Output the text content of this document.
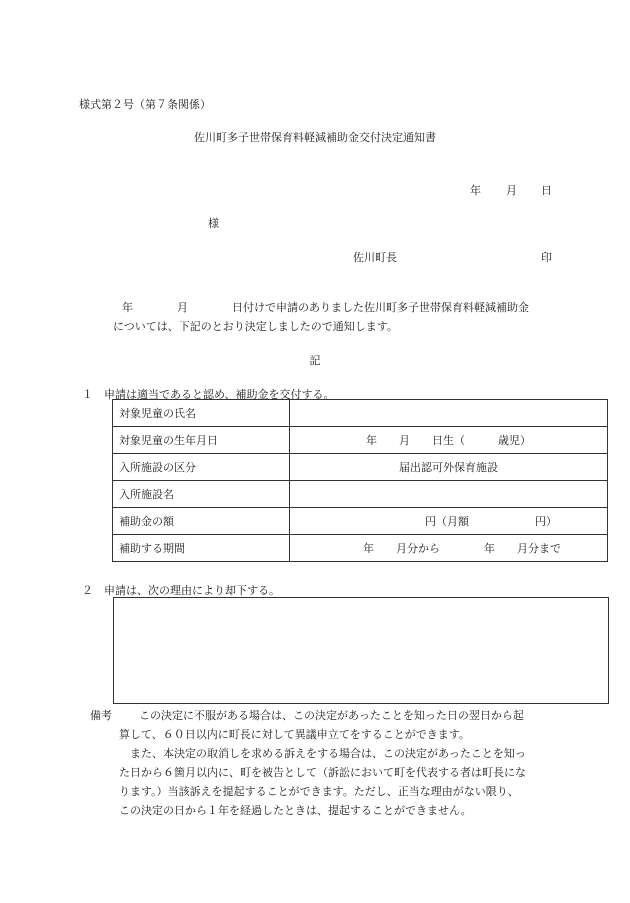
様式第２号（第７条関係）
佐川町多子世帯保育料軽減補助金交付決定通知書
年 月 日
様
佐川町長	印
年	月	日付けで申請のありました佐川町多子世帯保育料軽減補助金
については、下記のとおり決定しましたので通知します。
記
１　申請は適当であると認め、補助金を交付する。
対象児童の氏名	
対象児童の生年月日	年　　月　　日生（　　　歳児）
入所施設の区分	届出認可外保育施設
入所施設名	
補助金の額	円（月額　　　　　　円）
補助する期間	年　　月分から　　　　年　　月分まで
２　申請は、次の理由により却下する。
備考 この決定に不服がある場合は、この決定があったことを知った日の翌日から起
算して、６０日以内に町長に対して異議申立てをすることができます。
また、本決定の取消しを求める訴えをする場合は、この決定があったことを知っ
た日から６箇月以内に、町を被告として（訴訟において町を代表する者は町長にな
ります。）当該訴えを提起することができます。ただし、正当な理由がない限り、
この決定の日から１年を経過したときは、提起することができません。
